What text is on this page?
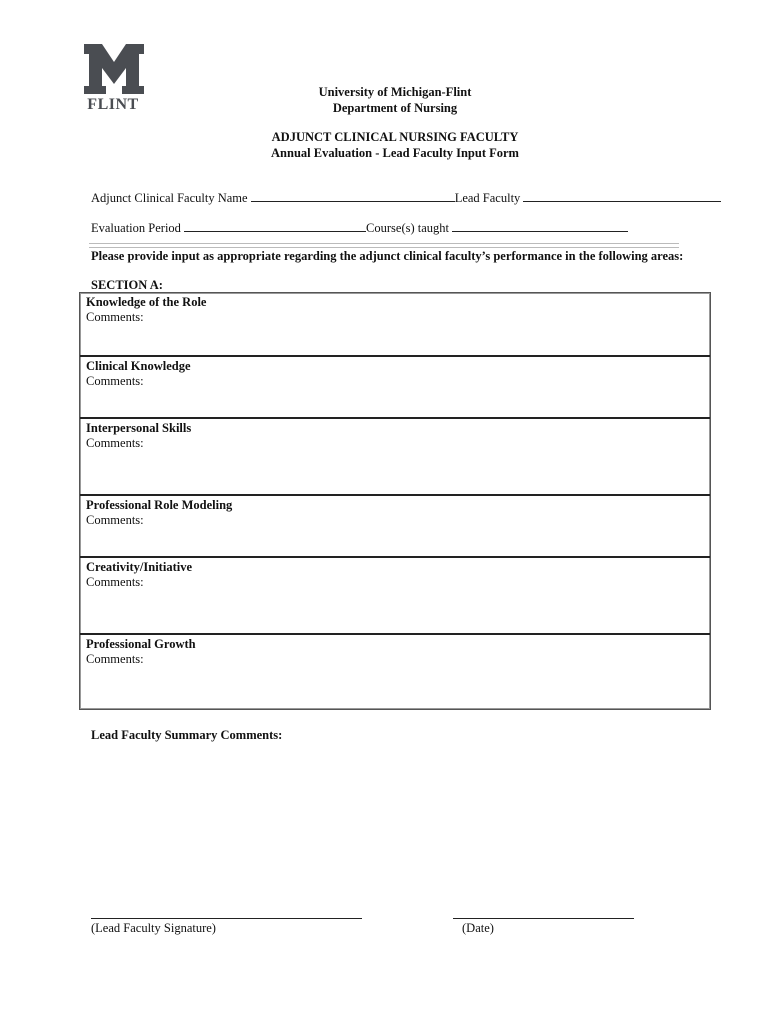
FLINT
University of Michigan-Flint
Department of Nursing
ADJUNCT CLINICAL NURSING FACULTY
Annual Evaluation - Lead Faculty Input Form
Adjunct Clinical Faculty Name	Lead Faculty
Evaluation Period	Course(s) taught
Please provide input as appropriate regarding the adjunct clinical faculty’s performance in the following areas:
SECTION A:
Knowledge of the Role
Comments:
Clinical Knowledge
Comments:
Interpersonal Skills
Comments:
Professional Role Modeling
Comments:
Creativity/Initiative
Comments:
Professional Growth
Comments:
Lead Faculty Summary Comments:
(Lead Faculty Signature)	(Date)
